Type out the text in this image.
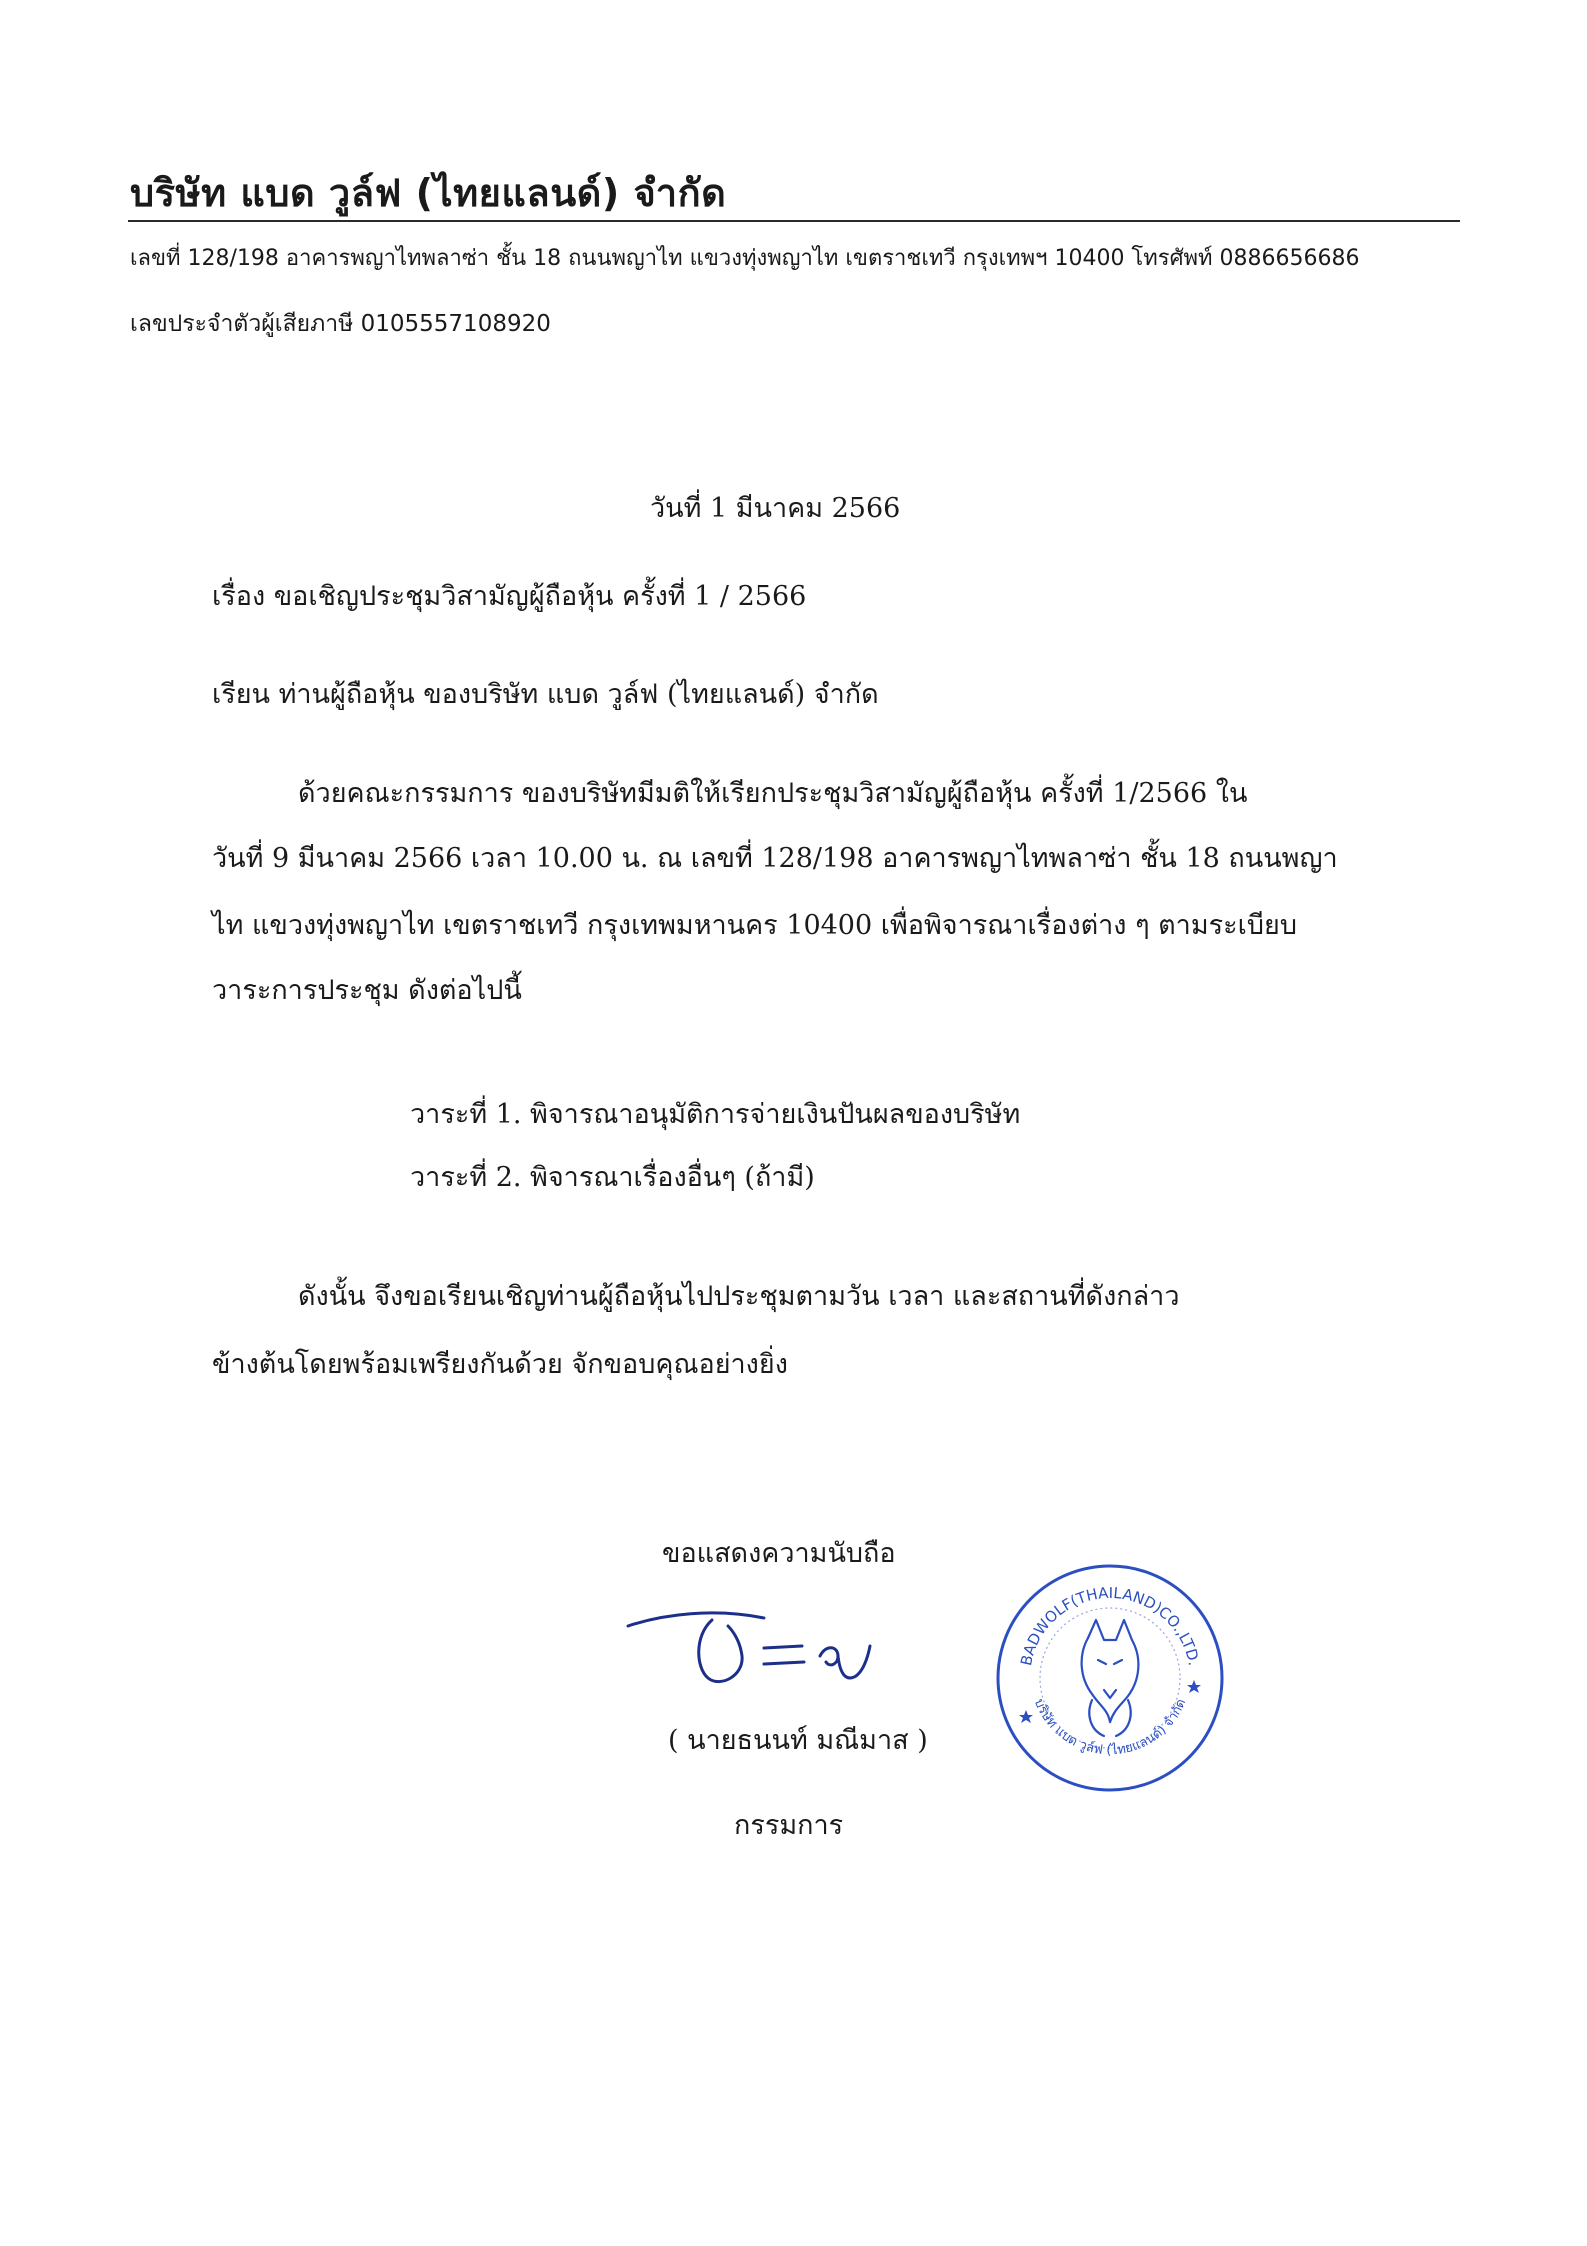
บริษัท แบด วูล์ฟ (ไทยแลนด์) จำกัด
เลขที่ 128/198 อาคารพญาไทพลาซ่า ชั้น 18 ถนนพญาไท แขวงทุ่งพญาไท เขตราชเทวี กรุงเทพฯ 10400 โทรศัพท์ 0886656686
เลขประจำตัวผู้เสียภาษี 0105557108920
วันที่ 1 มีนาคม 2566
เรื่อง ขอเชิญประชุมวิสามัญผู้ถือหุ้น ครั้งที่ 1 / 2566
เรียน ท่านผู้ถือหุ้น ของบริษัท แบด วูล์ฟ (ไทยแลนด์) จำกัด
ด้วยคณะกรรมการ ของบริษัทมีมติให้เรียกประชุมวิสามัญผู้ถือหุ้น ครั้งที่ 1/2566 ใน
วันที่ 9 มีนาคม 2566 เวลา 10.00 น. ณ เลขที่ 128/198 อาคารพญาไทพลาซ่า ชั้น 18 ถนนพญา
ไท แขวงทุ่งพญาไท เขตราชเทวี กรุงเทพมหานคร 10400 เพื่อพิจารณาเรื่องต่าง ๆ ตามระเบียบ
วาระการประชุม ดังต่อไปนี้
วาระที่ 1. พิจารณาอนุมัติการจ่ายเงินปันผลของบริษัท
วาระที่ 2. พิจารณาเรื่องอื่นๆ (ถ้ามี)
ดังนั้น จึงขอเรียนเชิญท่านผู้ถือหุ้นไปประชุมตามวัน เวลา และสถานที่ดังกล่าว
ข้างต้นโดยพร้อมเพรียงกันด้วย จักขอบคุณอย่างยิ่ง
ขอแสดงความนับถือ
( นายธนนท์ มณีมาส )
กรรมการ
BADWOLF(THAILAND)CO.,LTD.
บริษัท แบด วูล์ฟ (ไทยแลนด์) จำกัด
